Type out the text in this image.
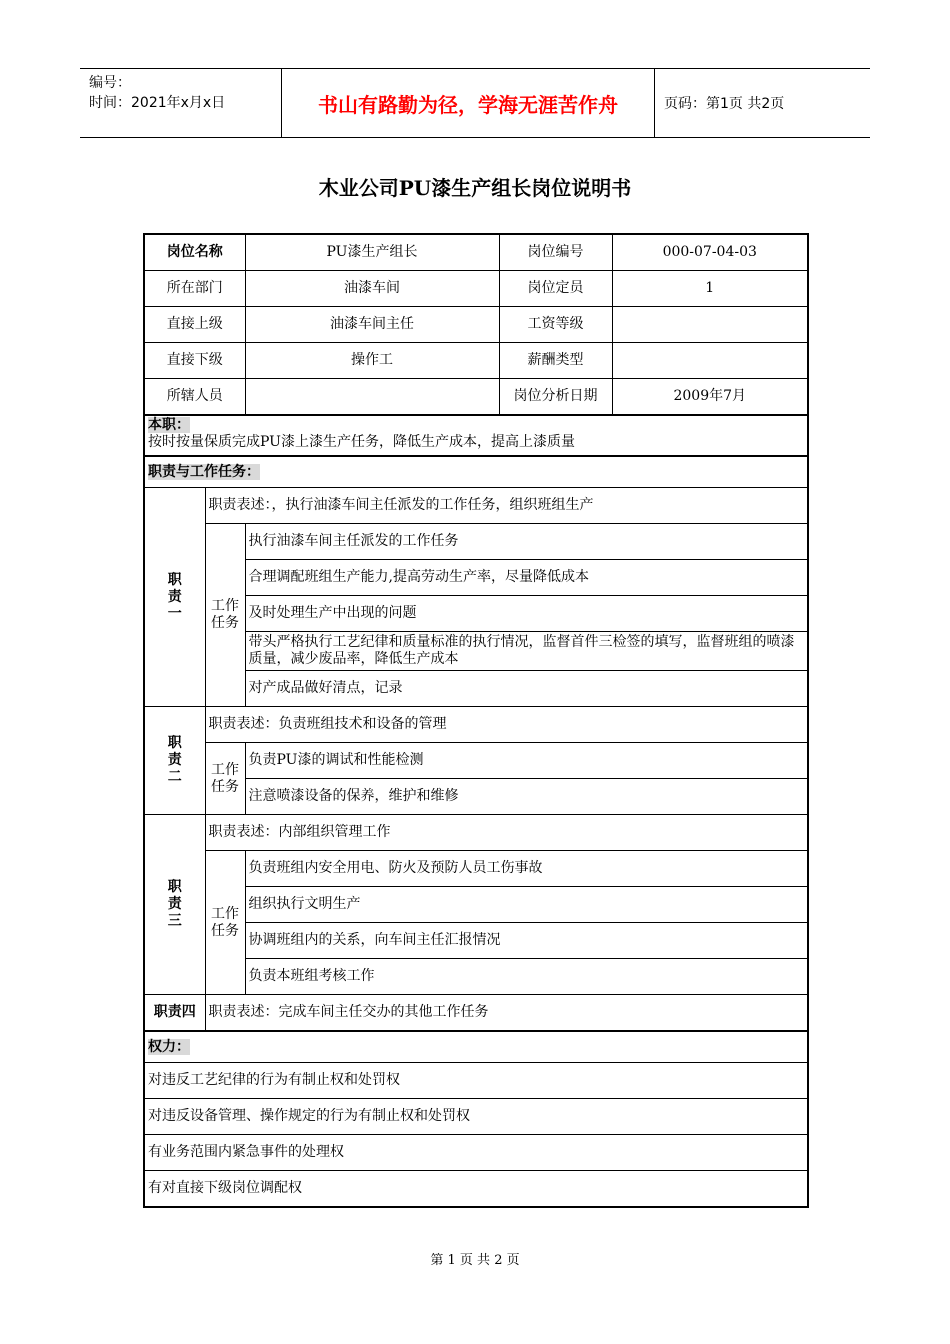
编号：
时间：2021年x月x日	书山有路勤为径，学海无涯苦作舟	页码：第1页 共2页
木业公司PU漆生产组长岗位说明书
岗位名称		PU漆生产组长	岗位编号	000-07-04-03
所在部门		油漆车间	岗位定员	1
直接上级		油漆车间主任	工资等级	
直接下级		操作工	薪酬类型	
所辖人员			岗位分析日期	2009年7月
本职：
按时按量保质完成PU漆上漆生产任务，降低生产成本，提高上漆质量				
职责与工作任务：				
职责一	职责表述：，执行油漆车间主任派发的工作任务，组织班组生产			
	工作任务	执行油漆车间主任派发的工作任务		
		合理调配班组生产能力,提高劳动生产率，尽量降低成本		
		及时处理生产中出现的问题		
		带头严格执行工艺纪律和质量标准的执行情况，监督首件三检签的填写，监督班组的喷漆质量，减少废品率，降低生产成本		
		对产成品做好清点，记录		
职责二	职责表述：负责班组技术和设备的管理			
	工作任务	负责PU漆的调试和性能检测		
		注意喷漆设备的保养，维护和维修		
职责三	职责表述：内部组织管理工作			
	工作任务	负责班组内安全用电、防火及预防人员工伤事故		
		组织执行文明生产		
		协调班组内的关系，向车间主任汇报情况		
		负责本班组考核工作		
职责四	职责表述：完成车间主任交办的其他工作任务			
权力：				
对违反工艺纪律的行为有制止权和处罚权				
对违反设备管理、操作规定的行为有制止权和处罚权				
有业务范围内紧急事件的处理权				
有对直接下级岗位调配权				
第 1 页 共 2 页
